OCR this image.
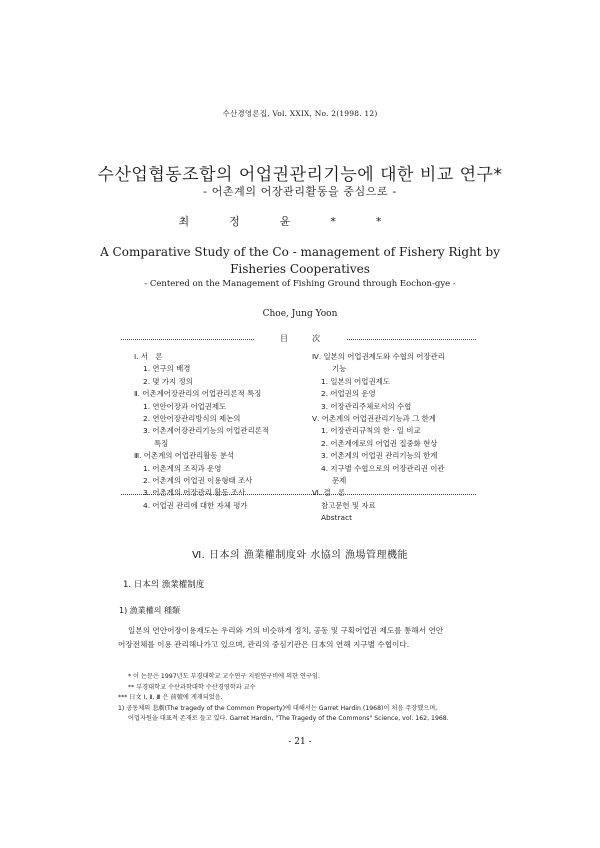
수산경영론집, Vol. XXIX, No. 2(1998. 12)
수산업협동조합의 어업권관리기능에 대한 비교 연구*
- 어촌계의 어장관리활동을 중심으로 -
최정윤**
A Comparative Study of the Co - management of Fishery Right by
Fisheries Cooperatives
- Centered on the Management of Fishing Ground through Eochon-gye -
Choe, Jung Yoon
目次
Ⅰ. 서　론
1. 연구의 배경
2. 몇 가지 정의
Ⅱ. 어촌계어장관리의 어업관리론적 특징
1. 연안어장과 어업권제도
2. 연안어장관리방식의 제논의
3. 어촌계어장관리기능의 어업관리론적
특징
Ⅲ. 어촌계의 어업관리활동 분석
1. 어촌계의 조직과 운영
2. 어촌계의 어업권 이용형태 조사
3. 어촌계의 어장관리 활동 조사
4. 어업권 관리에 대한 자체 평가
Ⅳ. 일본의 어업권제도와 수협의 어장관리
기능
1. 일본의 어업권제도
2. 어업권의 운영
3. 어장관리주체로서의 수협
Ⅴ. 어촌계의 어업권관리기능과 그 한계
1. 어장관리규칙의 한 · 일 비교
2. 어촌계에로의 어업권 집중화 현상
3. 어촌계의 어업권 관리기능의 한계
4. 지구별 수협으로의 어장관리권 이관
문제
Ⅵ. 결　론
참고문헌 및 자료
Abstract
Ⅵ. 日本의 漁業權制度와 水協의 漁場管理機能
1. 日本의 漁業權制度
1) 漁業權의 種類
일본의 연안어장이용제도는 우리와 거의 비슷하게 정치, 공동 및 구획어업권 제도를 통해서 연안
어장전체를 이용 관리해나가고 있으며, 관리의 중심기관은 日本의 연해 지구별 수협이다.
* 이 논문은 1997년도 부경대학교 교수연구 지원연구비에 의한 연구임.
** 부경대학교 수산과학대학 수산경영학과 교수
*** 日文 Ⅰ, Ⅱ, Ⅲ 은 前號에 게재되었음.
1) 공동체의 悲劇(The tragedy of the Common Property)에 대해서는 Garret Hardin (1968)이 처음 주장했으며,
어업자원을 대표적 존재로 들고 있다. Garret Hardin, "The Tragedy of the Commons" Science, vol. 162, 1968.
- 21 -
